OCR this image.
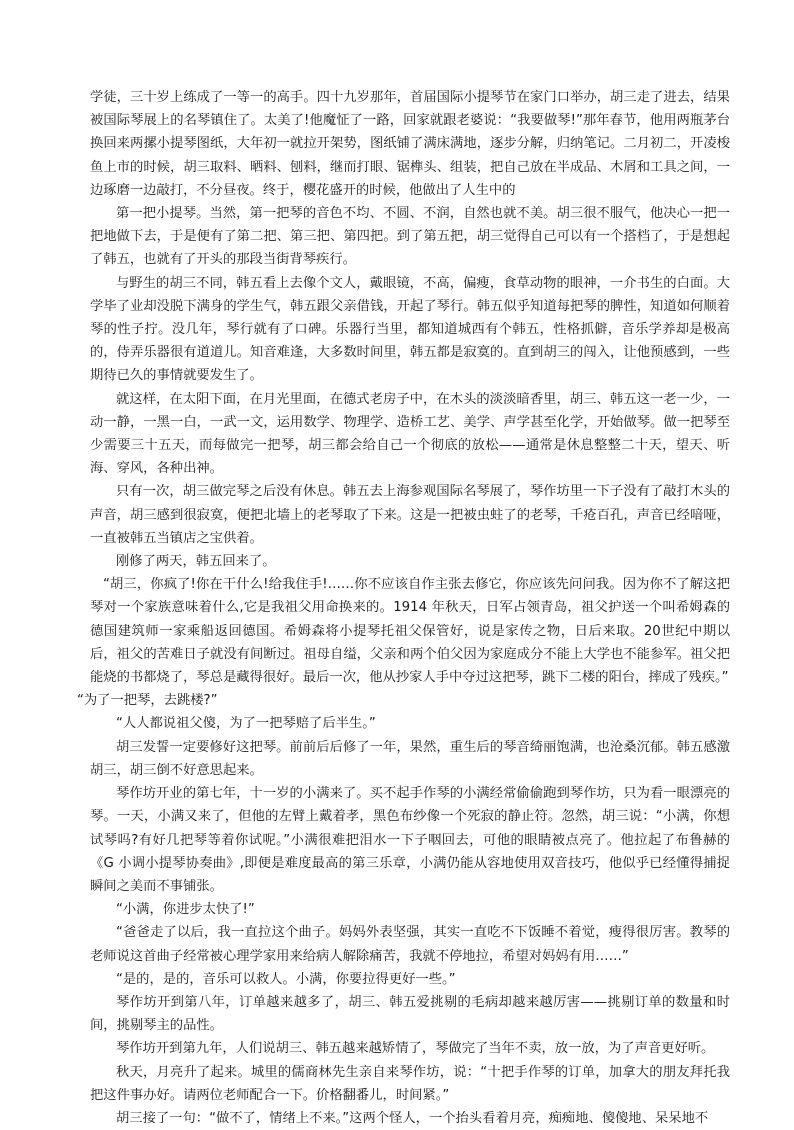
学徒，三十岁上练成了一等一的高手。四十九岁那年，首届国际小提琴节在家门口举办，胡三走了进去，结果被国际琴展上的名琴镇住了。太美了!他魔怔了一路，回家就跟老婆说：“我要做琴!”那年春节，他用两瓶茅台换回来两摞小提琴图纸，大年初一就拉开架势，图纸铺了满床满地，逐步分解，归纳笔记。二月初二，开凌梭鱼上市的时候，胡三取料、晒料、刨料，继而打眼、锯榫头、组装，把自己放在半成品、木屑和工具之间，一边琢磨一边敲打，不分昼夜。终于，樱花盛开的时候，他做出了人生中的

第一把小提琴。当然，第一把琴的音色不均、不圆、不润，自然也就不美。胡三很不服气，他决心一把一把地做下去，于是便有了第二把、第三把、第四把。到了第五把，胡三觉得自己可以有一个搭档了，于是想起了韩五，也就有了开头的那段当街背琴疾行。

与野生的胡三不同，韩五看上去像个文人，戴眼镜，不高，偏瘦，食草动物的眼神，一介书生的白面。大学毕了业却没脱下满身的学生气，韩五跟父亲借钱，开起了琴行。韩五似乎知道每把琴的脾性，知道如何顺着琴的性子拧。没几年，琴行就有了口碑。乐器行当里，都知道城西有个韩五，性格抓僻，音乐学养却是极高的，侍弄乐器很有道道儿。知音难逢，大多数时间里，韩五都是寂寞的。直到胡三的闯入，让他预感到，一些期待已久的事情就要发生了。

就这样，在太阳下面，在月光里面，在德式老房子中，在木头的淡淡暗香里，胡三、韩五这一老一少，一动一静，一黑一白，一武一文，运用数学、物理学、造桥工艺、美学、声学甚至化学，开始做琴。做一把琴至少需要三十五天，而每做完一把琴，胡三都会给自己一个彻底的放松——通常是休息整整二十天，望天、听海、穿风，各种出神。

只有一次，胡三做完琴之后没有休息。韩五去上海参观国际名琴展了，琴作坊里一下子没有了敲打木头的声音，胡三感到很寂寞，便把北墙上的老琴取了下来。这是一把被虫蛀了的老琴，千疮百孔，声音已经喑哑，一直被韩五当镇店之宝供着。

刚修了两天，韩五回来了。

“胡三，你疯了!你在干什么!给我住手!……你不应该自作主张去修它，你应该先问问我。因为你不了解这把琴对一个家族意味着什么,它是我祖父用命换来的。1914 年秋天，日军占领青岛，祖父护送一个叫希姆森的德国建筑师一家乘船返回德国。希姆森将小提琴托祖父保管好，说是家传之物，日后来取。20世纪中期以后，祖父的苦难日子就没有间断过。祖母自缢，父亲和两个伯父因为家庭成分不能上大学也不能参军。祖父把能烧的书都烧了，琴总是藏得很好。最后一次，他从抄家人手中夺过这把琴，跳下二楼的阳台，摔成了残疾。”

“为了一把琴，去跳楼?”

“人人都说祖父傻，为了一把琴赔了后半生。”

胡三发誓一定要修好这把琴。前前后后修了一年，果然，重生后的琴音绮丽饱满，也沧桑沉郁。韩五感激胡三，胡三倒不好意思起来。

琴作坊开业的第七年，十一岁的小满来了。买不起手作琴的小满经常偷偷跑到琴作坊，只为看一眼漂亮的琴。一天，小满又来了，但他的左臂上戴着孝，黑色布纱像一个死寂的静止符。忽然，胡三说：“小满，你想试琴吗?有好几把琴等着你试呢。”小满很难把泪水一下子咽回去，可他的眼睛被点亮了。他拉起了布鲁赫的《G 小调小提琴协奏曲》,即便是难度最高的第三乐章，小满仍能从容地使用双音技巧，他似乎已经懂得捕捉瞬间之美而不事铺张。

“小满，你进步太快了!”

“爸爸走了以后，我一直拉这个曲子。妈妈外表坚强，其实一直吃不下饭睡不着觉，瘦得很厉害。教琴的老师说这首曲子经常被心理学家用来给病人解除痛苦，我就不停地拉，希望对妈妈有用……”

“是的，是的，音乐可以救人。小满，你要拉得更好一些。”

琴作坊开到第八年，订单越来越多了，胡三、韩五爱挑剔的毛病却越来越厉害——挑剔订单的数量和时间，挑剔琴主的品性。

琴作坊开到第九年，人们说胡三、韩五越来越矫情了，琴做完了当年不卖，放一放，为了声音更好听。

秋天，月亮升了起来。城里的儒商林先生亲自来琴作坊，说：“十把手作琴的订单，加拿大的朋友拜托我把这件事办好。请两位老师配合一下。价格翻番儿，时间紧。”

胡三接了一句：“做不了，情绪上不来。”这两个怪人，一个抬头看着月亮，痴痴地、傻傻地、呆呆地不
